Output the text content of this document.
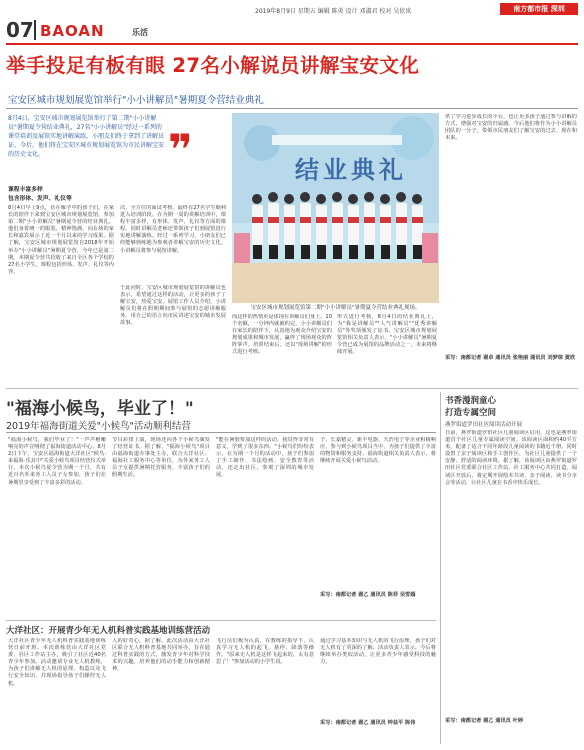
2019年8月9日 星期五 编辑 陈炎 设计 邓淑君 校对 吴依岚	南方都市报 深圳
07 BAOAN	乐活
举手投足有板有眼 27名小解说员讲解宝安文化
宝安区城市规划展览馆举行"小小讲解员"暑期夏令营结业典礼
8月4日，宝安区城市规划展览馆举行了第二期"小小讲解员"暑期夏令营结业典礼，27名"小小讲解员"经过一系列的课堂培训及展馆实地讲解演练，小朋友们终于拿到了讲解员证。今后，他们将在宝安区城市规划展览馆为市民讲解宝安的历史文化。	❞	结业典礼
宝安区城市规划展览馆第二期"小小讲解员"暑期夏令营结业典礼现场。
课程丰富多样
包含形体、发声、礼仪等
8月4日早上9点，伍在雁学中的孩子们，在家长的陪伴下来到宝安区城市规划展览馆，参加第二期"小小讲解员"暑期夏令营的结业典礼。他们身着统一的服装，精神饱满，向在场的家长和嘉宾展示了近一个月以来的学习成果。据了解，宝安区城市规划展览馆自2018年开始举办"小小讲解员"暑期夏令营，今年已是第二期。本期夏令营共招收了来自全区各个学校的27名小学生，课程包括形体、发声、礼仪等内容。
次，全方位的面试考核，最终有27名学生顺利进入培训阶段。在为期一周的讲解培训中，课程丰富多样，有形体、发声、礼仪等方面的课程，同时讲解员老师还带领孩子们到展馆进行实地讲解演练。经过一系列学习，小朋友们已经能够熟练地为参观者讲解宝安的历史文化。小讲解员将参与展馆讲解。
而这样的热情更是体现在讲解员们身上。10个名额，一分钟内就被约完，小小讲解员们在家长的陪伴下，认真地为观众介绍宝安的规划成果和城市发展，赢得了现场观众的阵阵掌声。培训结束后，还以"现场讲解"的形式进行考核。
形式进行考核，8月4日的结业典礼上，为"我是讲解员""人气讲解员""优秀讲解员"等奖项颁发了证书。宝安区城市规划展览馆相关负责人表示，"小小讲解员"暑期夏令营已成为展馆的品牌活动之一，未来将继续开展。
于此同时，宝安区城市规划展览馆的讲解员也表示，希望通过这样的活动，让更多的孩子了解宝安，热爱宝安。展馆工作人员介绍，小讲解员们将在假期期间参与展馆的志愿讲解服务，用自己的语言向市民讲述宝安的城市发展故事。
供了学习进步成长的平台，也让更多孩子通过参与讲解的方式，增强对宝安的归属感。今后他们将作为小小讲解员团队的一分子，带领市民朋友们了解宝安的过去、现在和未来。
采写：南都记者 谢卓 通讯员 张艳丽 通讯员 刘梦琼 黄欣
"福海小候鸟，毕业了！"
2019年福海街道关爱"小候鸟"活动顺利结营
"福海小候鸟，我们毕业了！"一声声稚嫩响亮的声音响彻了福海街道活动中心。8月2日下午，宝安区福海街道大洋社区"候鸟·来福海·乐其中"关爱小候鸟项目结营仪式举行。本次小候鸟夏令营为期一个月，共有近百名外来务工人员子女参加，孩子们在暑期里享受到了丰富多彩的活动。
节目彩排上演，现场还向各个小候鸟颁发了结营证书。据了解，"福海小候鸟"项目由福海街道办事处主办，联合大洋社区、福海社工服务中心等单位，为外来务工人员子女提供暑期托管服务，丰富孩子们的假期生活。
"能在暑假参加这样的活动，我觉得非常有意义，学到了很多东西。"小候鸟们纷纷表示。在为期一个月的活动中，孩子们参加了手工制作、书法绘画、安全教育等活动，还走出社区，参观了深圳的城市发展。
子、长嘉精灵、新丰电器、天浩电子等企业积极响应，参与到小候鸟项目当中，为孩子们提供了丰富的物资和服务支持。福海街道相关负责人表示，将继续开展关爱小候鸟活动。
采写：南都记者 谢乙 通讯员 陈菲 吴雪嫣
大洋社区：开展青少年无人机科普实践基地训练营活动
大洋社区青少年无人机科普实践基地训练营日前开班。本次训练营由大洋社区党委、社区工作站主办，吸引了社区近40名青少年参加。活动邀请专业无人机教练，为孩子们讲解无人机的原理、构造以及飞行安全知识，并现场指导孩子们操控无人机。
人的好奇心。据了解，此次活动由大洋社区联合无人机科普基地共同举办，旨在通过科普实践的方式，激发青少年对科学技术的兴趣，培养他们的动手能力和创新精神。
飞行员们极为认真，在教练的指导下，认真学习无人机的起飞、悬停、降落等操作。"原来无人机是这样飞起来的，太有意思了！"参加活动的小学生说。
通过学习基本知识与无人机的飞行原理，孩子们对无人机有了更深的了解。活动负责人表示，今后将继续举办类似活动，让更多青少年感受科技的魅力。
采写：南都记者 谢乙 通讯员 钟益平 陈伟
书香漫润童心
打造专属空间
燕罗街道罗田社区阅读活动开展
日前，燕罗街道罗田社区儿童阅读区启用，这也是燕罗街道首个社区儿童专属阅读空间。该阅读区面积约40平方米，配备了适合不同年龄段儿童阅读的书籍近千册，同时设置了亲子阅读区和手工创作区，为社区儿童提供了一个安静、舒适的阅读环境。据了解，该阅读区由燕罗街道罗田社区党委联合社区工作站、社工服务中心共同打造。阅读区开放后，将定期开展绘本共读、亲子阅读、读书分享会等活动，让社区儿童在书香中快乐成长。
采写：南都记者 谢乙 通讯员 叶婷
